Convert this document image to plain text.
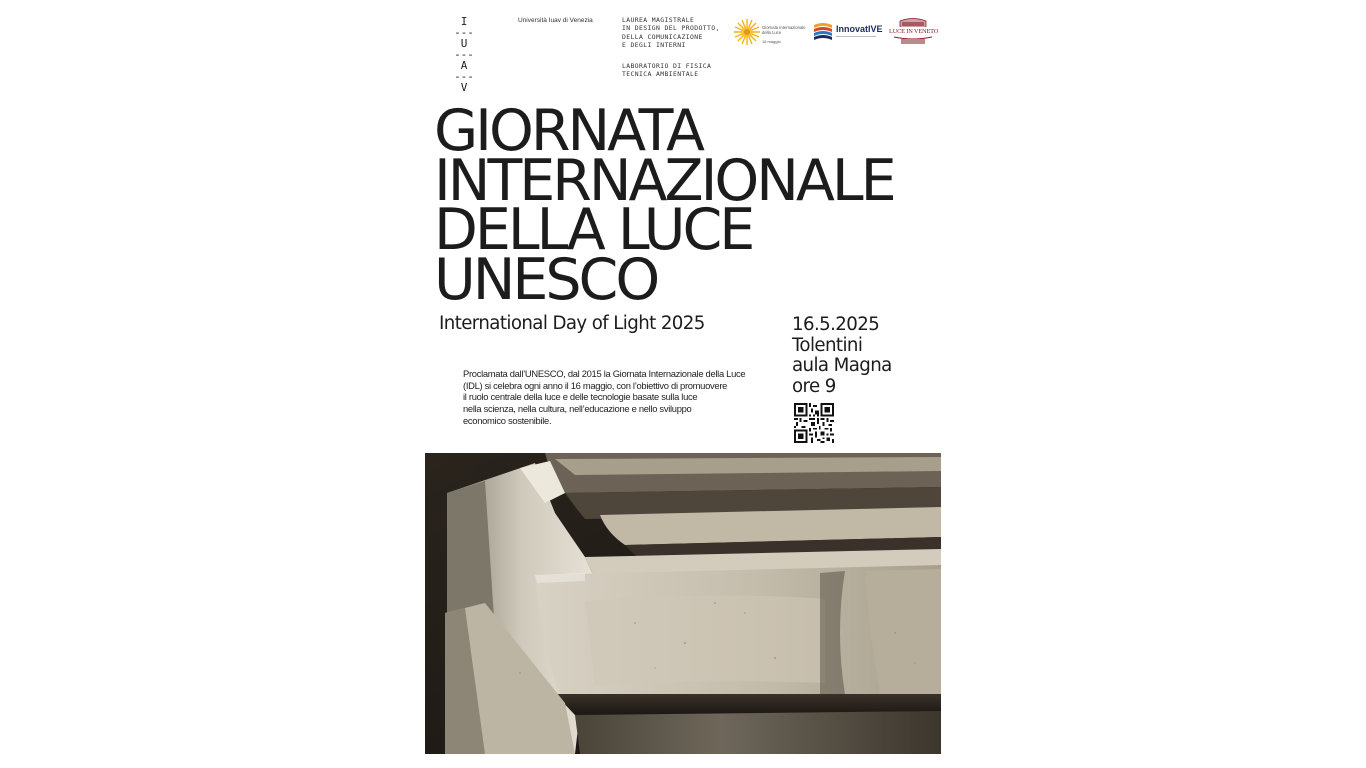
I
---
U
---
A
---
V
Università Iuav di Venezia	LAUREA MAGISTRALE
IN DESIGN DEL PRODOTTO,
DELLA COMUNICAZIONE
E DEGLI INTERNI
LABORATORIO DI FISICA
TECNICA AMBIENTALE
Giornata Internazionale della Luce
16 maggio
InnovatIVE LUCE IN VENETO
GIORNATA
INTERNAZIONALE
DELLA LUCE
UNESCO
International Day of Light 2025	16.5.2025
Tolentini
aula Magna
ore 9
Proclamata dall’UNESCO, dal 2015 la Giornata Internazionale della Luce
(IDL) si celebra ogni anno il 16 maggio, con l’obiettivo di promuovere
il ruolo centrale della luce e delle tecnologie basate sulla luce
nella scienza, nella cultura, nell’educazione e nello sviluppo
economico sostenibile.
